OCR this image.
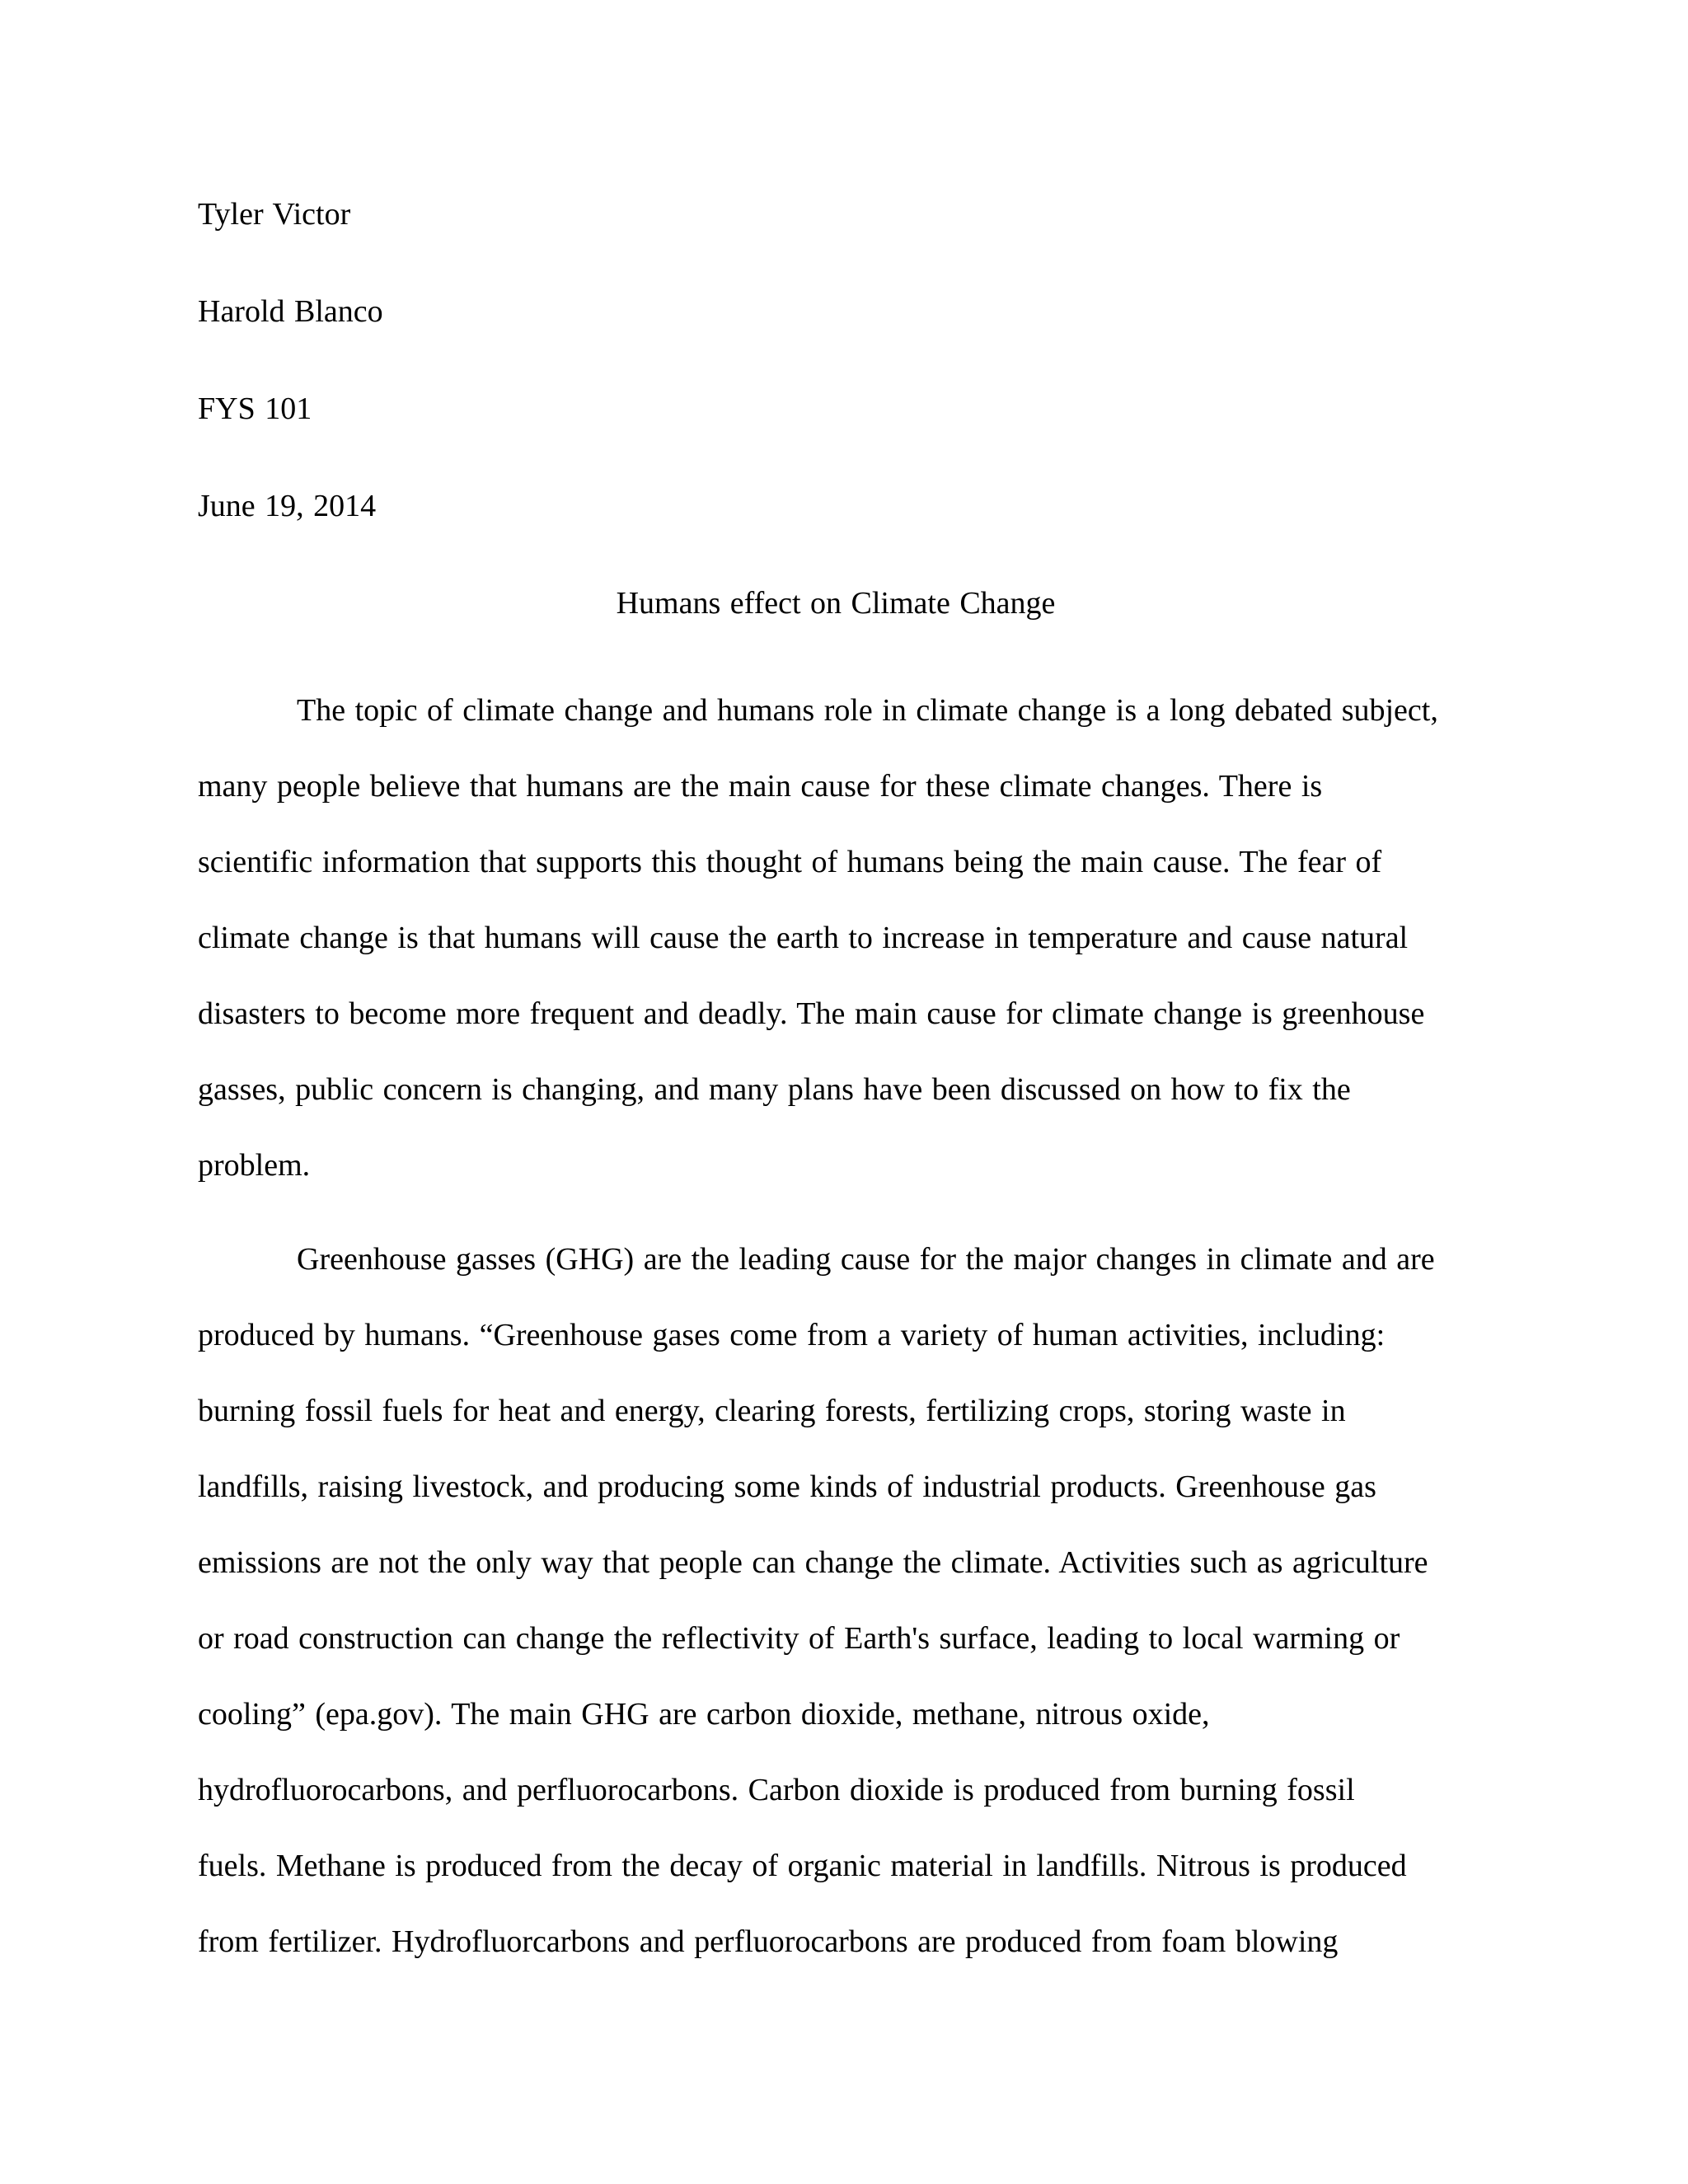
Tyler Victor

Harold Blanco

FYS 101

June 19, 2014

Humans effect on Climate Change

The topic of climate change and humans role in climate change is a long debated subject,
many people believe that humans are the main cause for these climate changes. There is
scientific information that supports this thought of humans being the main cause. The fear of
climate change is that humans will cause the earth to increase in temperature and cause natural
disasters to become more frequent and deadly. The main cause for climate change is greenhouse
gasses, public concern is changing, and many plans have been discussed on how to fix the
problem.
Greenhouse gasses (GHG) are the leading cause for the major changes in climate and are
produced by humans. “Greenhouse gases come from a variety of human activities, including:
burning fossil fuels for heat and energy, clearing forests, fertilizing crops, storing waste in
landfills, raising livestock, and producing some kinds of industrial products. Greenhouse gas
emissions are not the only way that people can change the climate. Activities such as agriculture
or road construction can change the reflectivity of Earth's surface, leading to local warming or
cooling” (epa.gov). The main GHG are carbon dioxide, methane, nitrous oxide,
hydrofluorocarbons, and perfluorocarbons. Carbon dioxide is produced from burning fossil
fuels. Methane is produced from the decay of organic material in landfills. Nitrous is produced
from fertilizer. Hydrofluorcarbons and perfluorocarbons are produced from foam blowing
